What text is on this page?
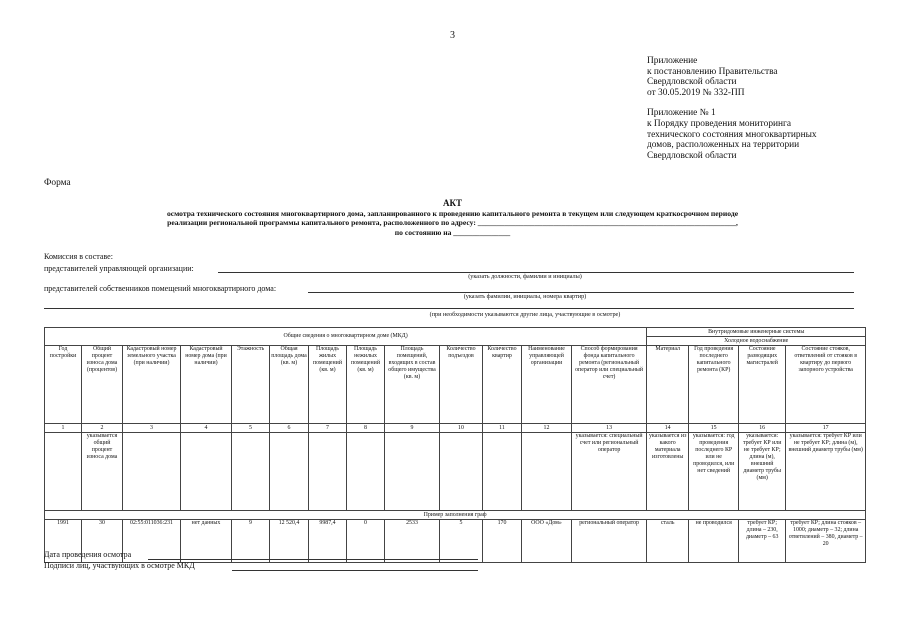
3
Приложение
к постановлению Правительства
Свердловской области
от 30.05.2019 № 332-ПП
Приложение № 1
к Порядку проведения мониторинга
технического состояния многоквартирных
домов, расположенных на территории
Свердловской области
Форма
АКТ
осмотра технического состояния многоквартирного дома, запланированного к проведению капитального ремонта в текущем или следующем краткосрочном периоде
реализации региональной программы капитального ремонта, расположенного по адресу: ____________________________________________________________________,
по состоянию на _______________
Комиссия в составе:
представителей управляющей организации:
(указать должности, фамилии и инициалы)
представителей собственников помещений многоквартирного дома:
(указать фамилии, инициалы, номера квартир)
(при необходимости указываются другие лица, участвующие в осмотре)
Общие сведения о многоквартирном доме (МКД)													Внутридомовые инженерные системы			
													Холодное водоснабжение			
Год постройки	Общий процент износа дома (процентов)	Кадастровый номер земельного участка (при наличии)	Кадастровый номер дома (при наличии)	Этажность	Общая площадь дома (кв. м)	Площадь жилых помещений (кв. м)	Площадь нежилых помещений (кв. м)	Площадь помещений, входящих в состав общего имущества (кв. м)	Количество подъездов	Количество квартир	Наименование управляющей организации	Способ формирования фонда капитального ремонта (региональный оператор или специальный счет)	Материал	Год проведения последнего капитального ремонта (КР)	Состояние разводящих магистралей	Состояние стояков, ответвлений от стояков в квартиру до первого запорного устройства
1	2	3	4	5	6	7	8	9	10	11	12	13	14	15	16	17
	указывается общий процент износа дома											указывается: специальный счет или региональный оператор	указывается из какого материала изготовлены	указывается: год проведения последнего КР или не проводился, или нет сведений	указывается: требует КР или не требует КР; длина (м), внешний диаметр трубы (мм)	указывается: требует КР или не требует КР; длина (м), внешний диаметр трубы (мм)
Пример заполнения граф																
1991	30	02:55:011036:231	нет данных	9	12 520,4	9987,4	0	2533	5	170	ООО «Дом»	региональный оператор	сталь	не проводился	требует КР; длина – 230, диаметр – 63	требует КР; длина стояков – 1000; диаметр – 32; длина ответвлений – 380, диаметр – 20
Дата проведения осмотра
Подписи лиц, участвующих в осмотре МКД
